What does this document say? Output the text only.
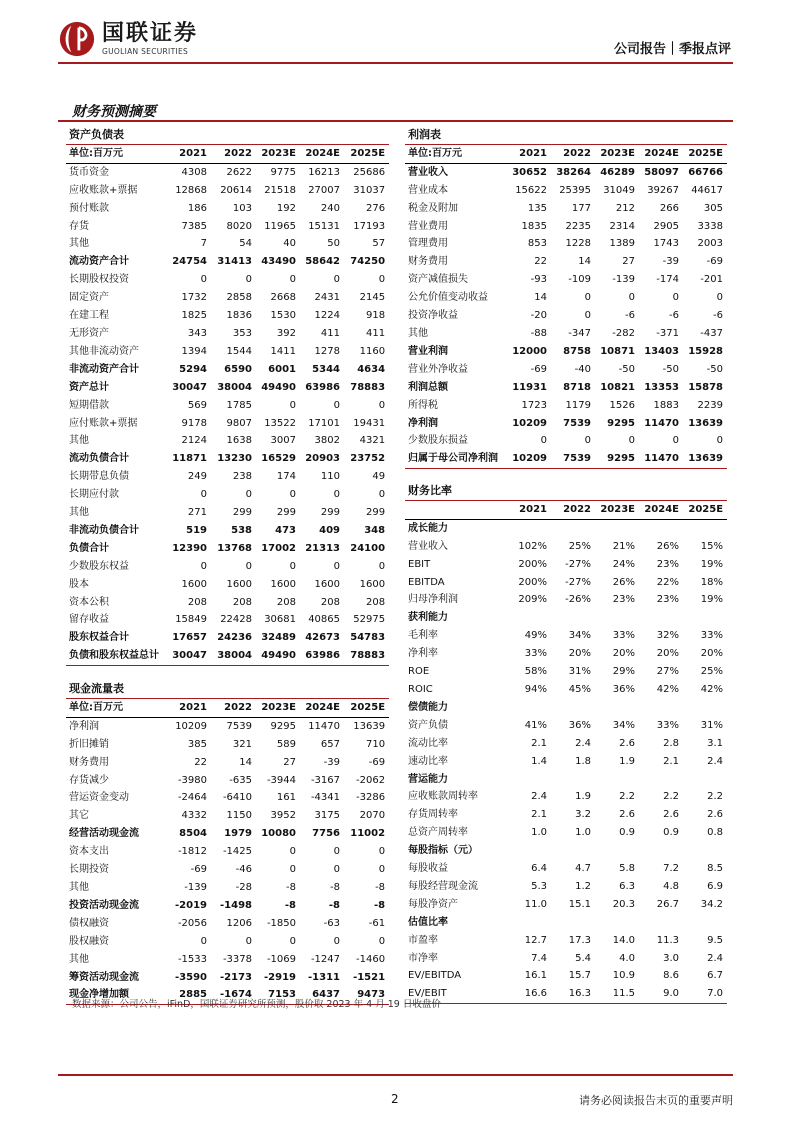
国联证券
GUOLIAN SECURITIES	公司报告｜季报点评
财务预测摘要
资产负债表					
单位:百万元	2021	2022	2023E	2024E	2025E
货币资金	4308	2622	9775	16213	25686
应收账款+票据	12868	20614	21518	27007	31037
预付账款	186	103	192	240	276
存货	7385	8020	11965	15131	17193
其他	7	54	40	50	57
流动资产合计	24754	31413	43490	58642	74250
长期股权投资	0	0	0	0	0
固定资产	1732	2858	2668	2431	2145
在建工程	1825	1836	1530	1224	918
无形资产	343	353	392	411	411
其他非流动资产	1394	1544	1411	1278	1160
非流动资产合计	5294	6590	6001	5344	4634
资产总计	30047	38004	49490	63986	78883
短期借款	569	1785	0	0	0
应付账款+票据	9178	9807	13522	17101	19431
其他	2124	1638	3007	3802	4321
流动负债合计	11871	13230	16529	20903	23752
长期带息负债	249	238	174	110	49
长期应付款	0	0	0	0	0
其他	271	299	299	299	299
非流动负债合计	519	538	473	409	348
负债合计	12390	13768	17002	21313	24100
少数股东权益	0	0	0	0	0
股本	1600	1600	1600	1600	1600
资本公积	208	208	208	208	208
留存收益	15849	22428	30681	40865	52975
股东权益合计	17657	24236	32489	42673	54783
负债和股东权益总计	30047	38004	49490	63986	78883
现金流量表					
单位:百万元	2021	2022	2023E	2024E	2025E
净利润	10209	7539	9295	11470	13639
折旧摊销	385	321	589	657	710
财务费用	22	14	27	-39	-69
存货减少	-3980	-635	-3944	-3167	-2062
营运资金变动	-2464	-6410	161	-4341	-3286
其它	4332	1150	3952	3175	2070
经营活动现金流	8504	1979	10080	7756	11002
资本支出	-1812	-1425	0	0	0
长期投资	-69	-46	0	0	0
其他	-139	-28	-8	-8	-8
投资活动现金流	-2019	-1498	-8	-8	-8
债权融资	-2056	1206	-1850	-63	-61
股权融资	0	0	0	0	0
其他	-1533	-3378	-1069	-1247	-1460
筹资活动现金流	-3590	-2173	-2919	-1311	-1521
现金净增加额	2885	-1674	7153	6437	9473
利润表					
单位:百万元	2021	2022	2023E	2024E	2025E
营业收入	30652	38264	46289	58097	66766
营业成本	15622	25395	31049	39267	44617
税金及附加	135	177	212	266	305
营业费用	1835	2235	2314	2905	3338
管理费用	853	1228	1389	1743	2003
财务费用	22	14	27	-39	-69
资产减值损失	-93	-109	-139	-174	-201
公允价值变动收益	14	0	0	0	0
投资净收益	-20	0	-6	-6	-6
其他	-88	-347	-282	-371	-437
营业利润	12000	8758	10871	13403	15928
营业外净收益	-69	-40	-50	-50	-50
利润总额	11931	8718	10821	13353	15878
所得税	1723	1179	1526	1883	2239
净利润	10209	7539	9295	11470	13639
少数股东损益	0	0	0	0	0
归属于母公司净利润	10209	7539	9295	11470	13639
财务比率					
	2021	2022	2023E	2024E	2025E
成长能力					
营业收入	102%	25%	21%	26%	15%
EBIT	200%	-27%	24%	23%	19%
EBITDA	200%	-27%	26%	22%	18%
归母净利润	209%	-26%	23%	23%	19%
获利能力					
毛利率	49%	34%	33%	32%	33%
净利率	33%	20%	20%	20%	20%
ROE	58%	31%	29%	27%	25%
ROIC	94%	45%	36%	42%	42%
偿债能力					
资产负债	41%	36%	34%	33%	31%
流动比率	2.1	2.4	2.6	2.8	3.1
速动比率	1.4	1.8	1.9	2.1	2.4
营运能力					
应收账款周转率	2.4	1.9	2.2	2.2	2.2
存货周转率	2.1	3.2	2.6	2.6	2.6
总资产周转率	1.0	1.0	0.9	0.9	0.8
每股指标（元）					
每股收益	6.4	4.7	5.8	7.2	8.5
每股经营现金流	5.3	1.2	6.3	4.8	6.9
每股净资产	11.0	15.1	20.3	26.7	34.2
估值比率					
市盈率	12.7	17.3	14.0	11.3	9.5
市净率	7.4	5.4	4.0	3.0	2.4
EV/EBITDA	16.1	15.7	10.9	8.6	6.7
EV/EBIT	16.6	16.3	11.5	9.0	7.0
数据来源：公司公告，iFinD，国联证券研究所预测，股价取 2023 年 4 月 19 日收盘价
2	请务必阅读报告末页的重要声明
